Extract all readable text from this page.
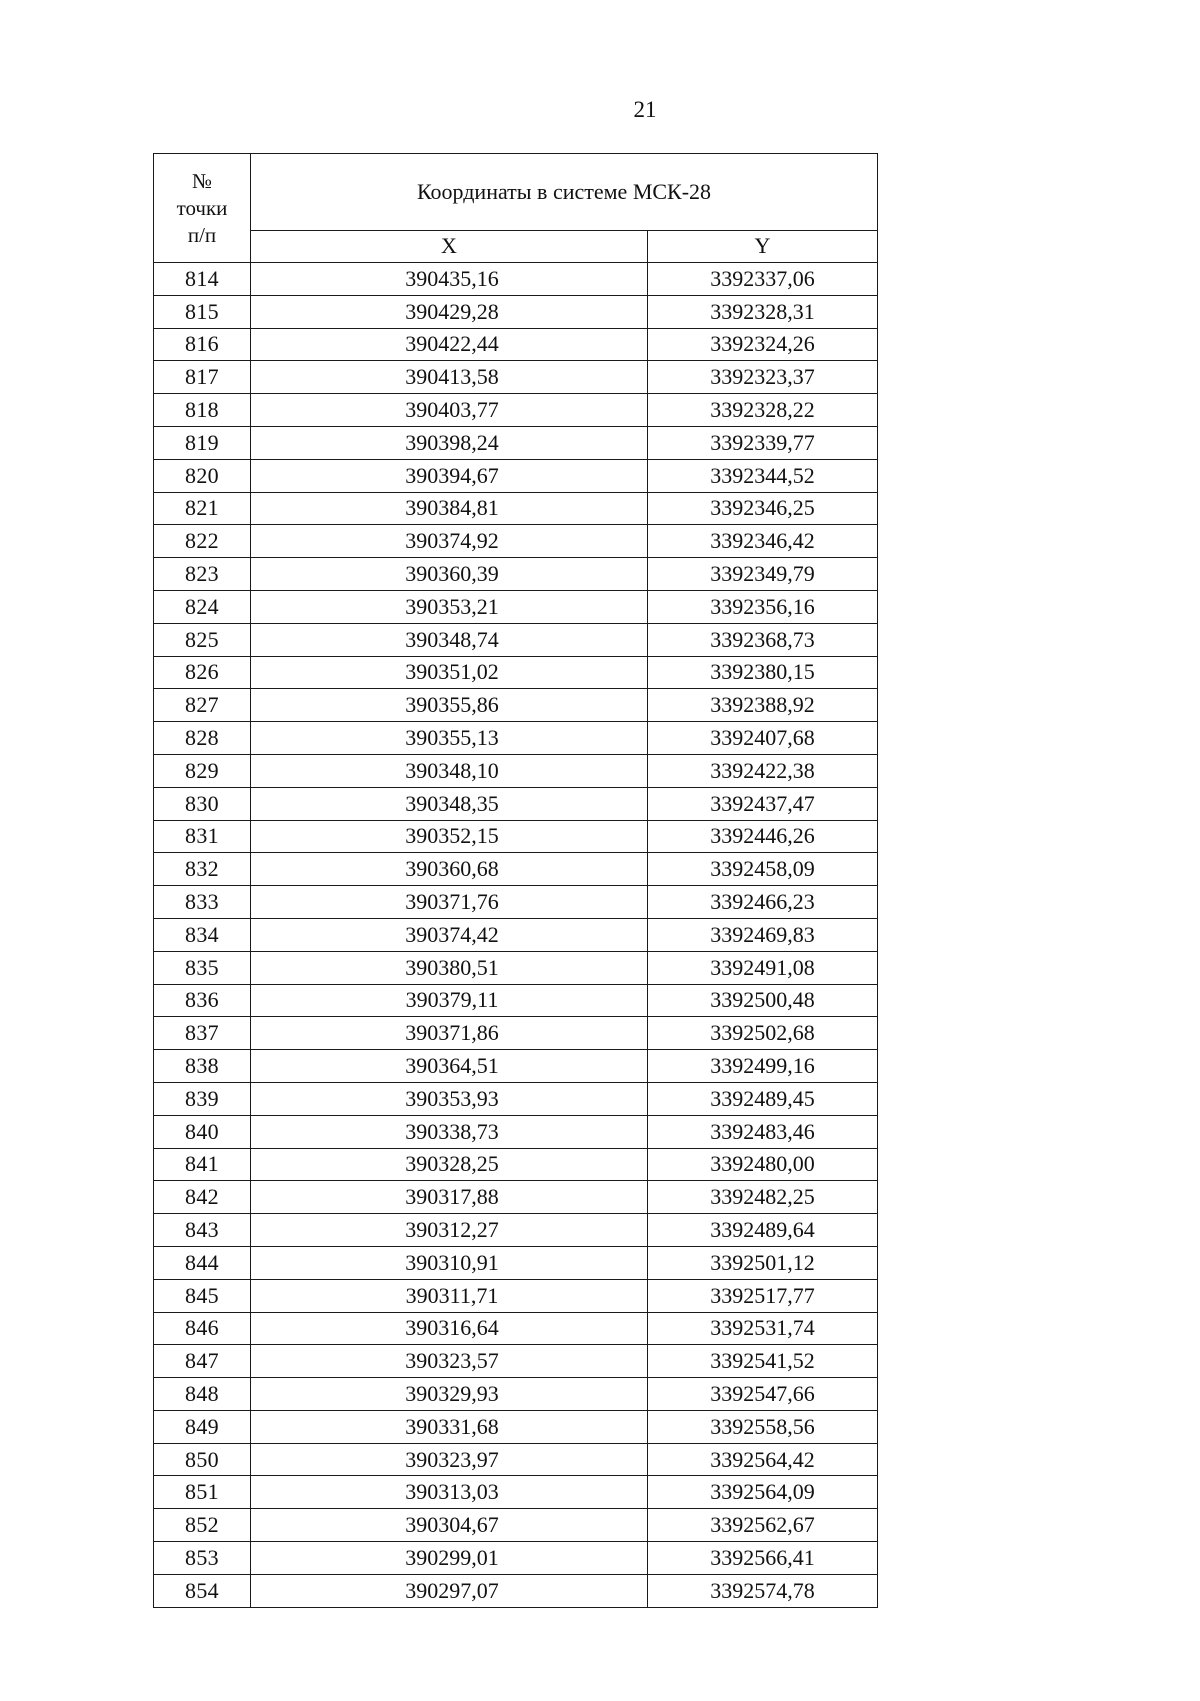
21
№
точки
п/п	Координаты в системе МСК-28	
	X	Y
814	390435,16	3392337,06
815	390429,28	3392328,31
816	390422,44	3392324,26
817	390413,58	3392323,37
818	390403,77	3392328,22
819	390398,24	3392339,77
820	390394,67	3392344,52
821	390384,81	3392346,25
822	390374,92	3392346,42
823	390360,39	3392349,79
824	390353,21	3392356,16
825	390348,74	3392368,73
826	390351,02	3392380,15
827	390355,86	3392388,92
828	390355,13	3392407,68
829	390348,10	3392422,38
830	390348,35	3392437,47
831	390352,15	3392446,26
832	390360,68	3392458,09
833	390371,76	3392466,23
834	390374,42	3392469,83
835	390380,51	3392491,08
836	390379,11	3392500,48
837	390371,86	3392502,68
838	390364,51	3392499,16
839	390353,93	3392489,45
840	390338,73	3392483,46
841	390328,25	3392480,00
842	390317,88	3392482,25
843	390312,27	3392489,64
844	390310,91	3392501,12
845	390311,71	3392517,77
846	390316,64	3392531,74
847	390323,57	3392541,52
848	390329,93	3392547,66
849	390331,68	3392558,56
850	390323,97	3392564,42
851	390313,03	3392564,09
852	390304,67	3392562,67
853	390299,01	3392566,41
854	390297,07	3392574,78
